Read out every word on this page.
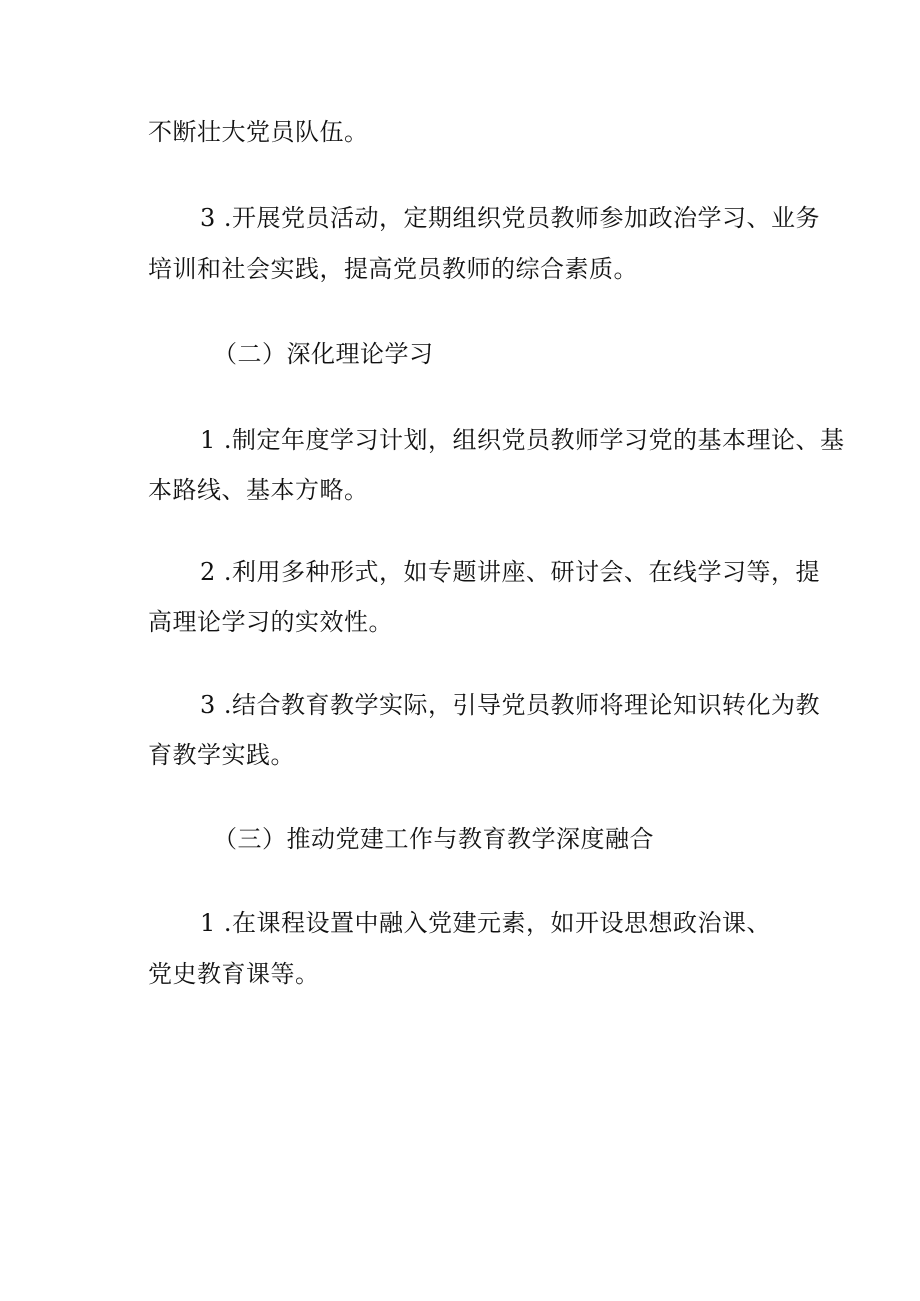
不断壮大党员队伍。
3 .开展党员活动，定期组织党员教师参加政治学习、业务
培训和社会实践，提高党员教师的综合素质。
（二）深化理论学习
1 .制定年度学习计划，组织党员教师学习党的基本理论、基
本路线、基本方略。
2 .利用多种形式，如专题讲座、研讨会、在线学习等，提
高理论学习的实效性。
3 .结合教育教学实际，引导党员教师将理论知识转化为教
育教学实践。
（三）推动党建工作与教育教学深度融合
1 .在课程设置中融入党建元素，如开设思想政治课、
党史教育课等。
